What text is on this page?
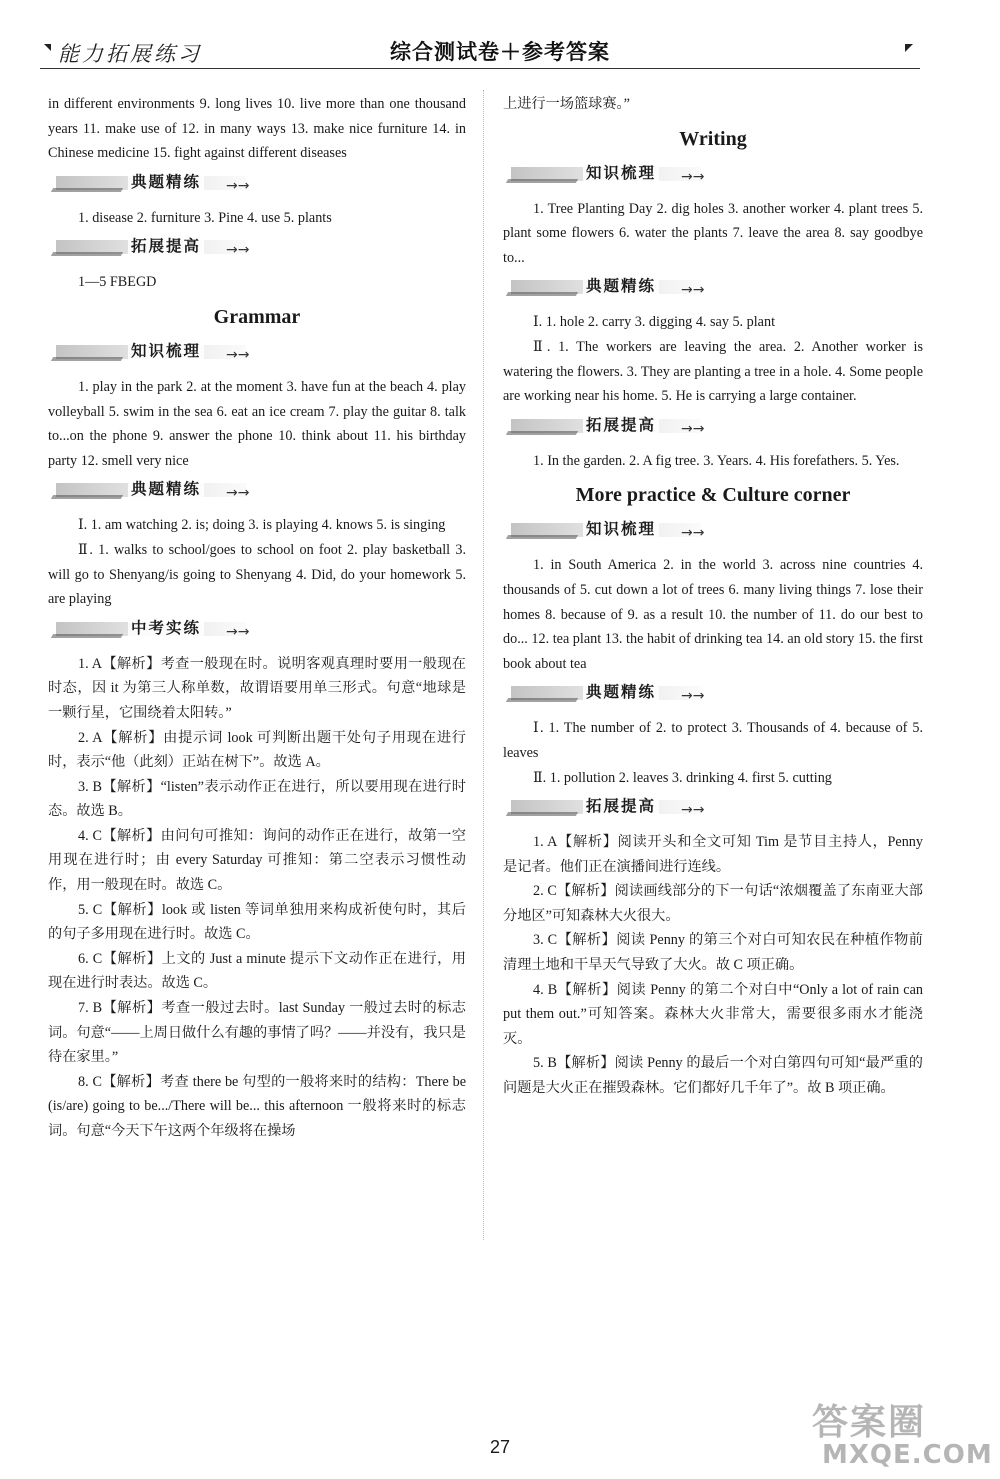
能力拓展练习	综合测试卷＋参考答案

in different environments 9. long lives 10. live more than one thousand years 11. make use of 12. in many ways 13. make nice furniture 14. in Chinese medicine 15. fight against different diseases

典题精练 →→

1. disease 2. furniture 3. Pine 4. use 5. plants

拓展提高 →→

1—5 FBEGD

Grammar
知识梳理 →→

1. play in the park 2. at the moment 3. have fun at the beach 4. play volleyball 5. swim in the sea 6. eat an ice cream 7. play the guitar 8. talk to...on the phone 9. answer the phone 10. think about 11. his birthday party 12. smell very nice

典题精练 →→

Ⅰ. 1. am watching 2. is; doing 3. is playing 4. knows 5. is singing

Ⅱ. 1. walks to school/goes to school on foot 2. play basketball 3. will go to Shenyang/is going to Shenyang 4. Did, do your homework 5. are playing

中考实练 →→

1. A【解析】考查一般现在时。说明客观真理时要用一般现在时态，因 it 为第三人称单数，故谓语要用单三形式。句意“地球是一颗行星，它围绕着太阳转。”

2. A【解析】由提示词 look 可判断出题干处句子用现在进行时，表示“他（此刻）正站在树下”。故选 A。

3. B【解析】“listen”表示动作正在进行，所以要用现在进行时态。故选 B。

4. C【解析】由问句可推知：询问的动作正在进行，故第一空用现在进行时；由 every Saturday 可推知：第二空表示习惯性动作，用一般现在时。故选 C。

5. C【解析】look 或 listen 等词单独用来构成祈使句时，其后的句子多用现在进行时。故选 C。

6. C【解析】上文的 Just a minute 提示下文动作正在进行，用现在进行时表达。故选 C。

7. B【解析】考查一般过去时。last Sunday 一般过去时的标志词。句意“——上周日做什么有趣的事情了吗？——并没有，我只是待在家里。”

8. C【解析】考查 there be 句型的一般将来时的结构：There be (is/are) going to be.../There will be... this afternoon 一般将来时的标志词。句意“今天下午这两个年级将在操场

上进行一场篮球赛。”

Writing
知识梳理 →→

1. Tree Planting Day 2. dig holes 3. another worker 4. plant trees 5. plant some flowers 6. water the plants 7. leave the area 8. say goodbye to...

典题精练 →→

Ⅰ. 1. hole 2. carry 3. digging 4. say 5. plant

Ⅱ. 1. The workers are leaving the area. 2. Another worker is watering the flowers. 3. They are planting a tree in a hole. 4. Some people are working near his home. 5. He is carrying a large container.

拓展提高 →→

1. In the garden. 2. A fig tree. 3. Years. 4. His forefathers. 5. Yes.

More practice & Culture corner
知识梳理 →→

1. in South America 2. in the world 3. across nine countries 4. thousands of 5. cut down a lot of trees 6. many living things 7. lose their homes 8. because of 9. as a result 10. the number of 11. do our best to do... 12. tea plant 13. the habit of drinking tea 14. an old story 15. the first book about tea

典题精练 →→

Ⅰ. 1. The number of 2. to protect 3. Thousands of 4. because of 5. leaves

Ⅱ. 1. pollution 2. leaves 3. drinking 4. first 5. cutting

拓展提高 →→

1. A【解析】阅读开头和全文可知 Tim 是节目主持人，Penny 是记者。他们正在演播间进行连线。

2. C【解析】阅读画线部分的下一句话“浓烟覆盖了东南亚大部分地区”可知森林大火很大。

3. C【解析】阅读 Penny 的第三个对白可知农民在种植作物前清理土地和干旱天气导致了大火。故 C 项正确。

4. B【解析】阅读 Penny 的第二个对白中“Only a lot of rain can put them out.”可知答案。森林大火非常大，需要很多雨水才能浇灭。

5. B【解析】阅读 Penny 的最后一个对白第四句可知“最严重的问题是大火正在摧毁森林。它们都好几千年了”。故 B 项正确。

27
答案圈
MXQE.COM
